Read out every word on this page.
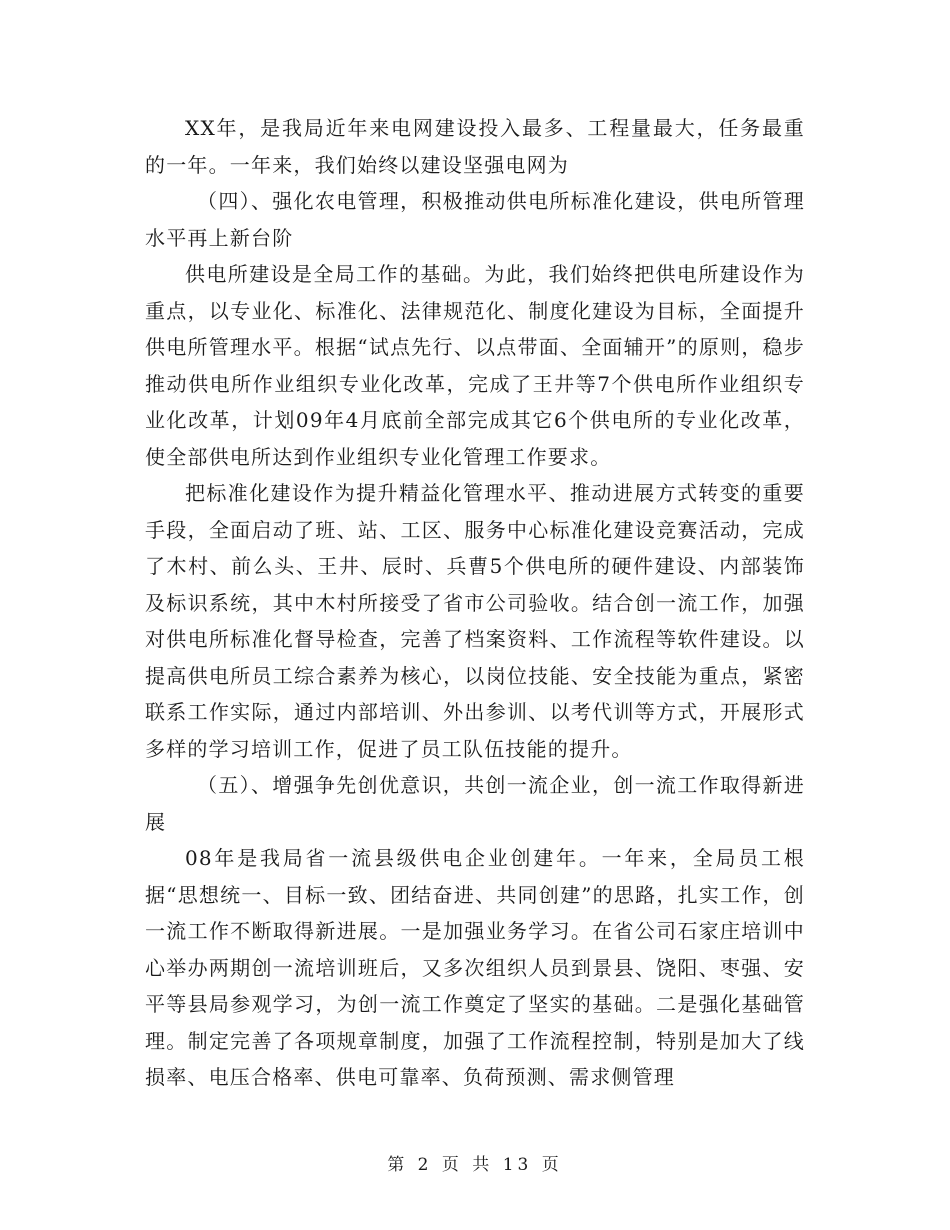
XX年，是我局近年来电网建设投入最多、工程量最大，任务最重的一年。一年来，我们始终以建设坚强电网为

（四）、强化农电管理，积极推动供电所标准化建设，供电所管理水平再上新台阶

供电所建设是全局工作的基础。为此，我们始终把供电所建设作为重点，以专业化、标准化、法律规范化、制度化建设为目标，全面提升供电所管理水平。根据“试点先行、以点带面、全面辅开”的原则，稳步推动供电所作业组织专业化改革，完成了王井等7个供电所作业组织专业化改革，计划09年4月底前全部完成其它6个供电所的专业化改革，使全部供电所达到作业组织专业化管理工作要求。

把标准化建设作为提升精益化管理水平、推动进展方式转变的重要手段，全面启动了班、站、工区、服务中心标准化建设竞赛活动，完成了木村、前么头、王井、辰时、兵曹5个供电所的硬件建设、内部装饰及标识系统，其中木村所接受了省市公司验收。结合创一流工作，加强对供电所标准化督导检查，完善了档案资料、工作流程等软件建设。以提高供电所员工综合素养为核心，以岗位技能、安全技能为重点，紧密联系工作实际，通过内部培训、外出参训、以考代训等方式，开展形式多样的学习培训工作，促进了员工队伍技能的提升。

（五）、增强争先创优意识，共创一流企业，创一流工作取得新进展

08年是我局省一流县级供电企业创建年。一年来，全局员工根据“思想统一、目标一致、团结奋进、共同创建”的思路，扎实工作，创一流工作不断取得新进展。一是加强业务学习。在省公司石家庄培训中心举办两期创一流培训班后，又多次组织人员到景县、饶阳、枣强、安平等县局参观学习，为创一流工作奠定了坚实的基础。二是强化基础管理。制定完善了各项规章制度，加强了工作流程控制，特别是加大了线损率、电压合格率、供电可靠率、负荷预测、需求侧管理

第 2 页 共 13 页
